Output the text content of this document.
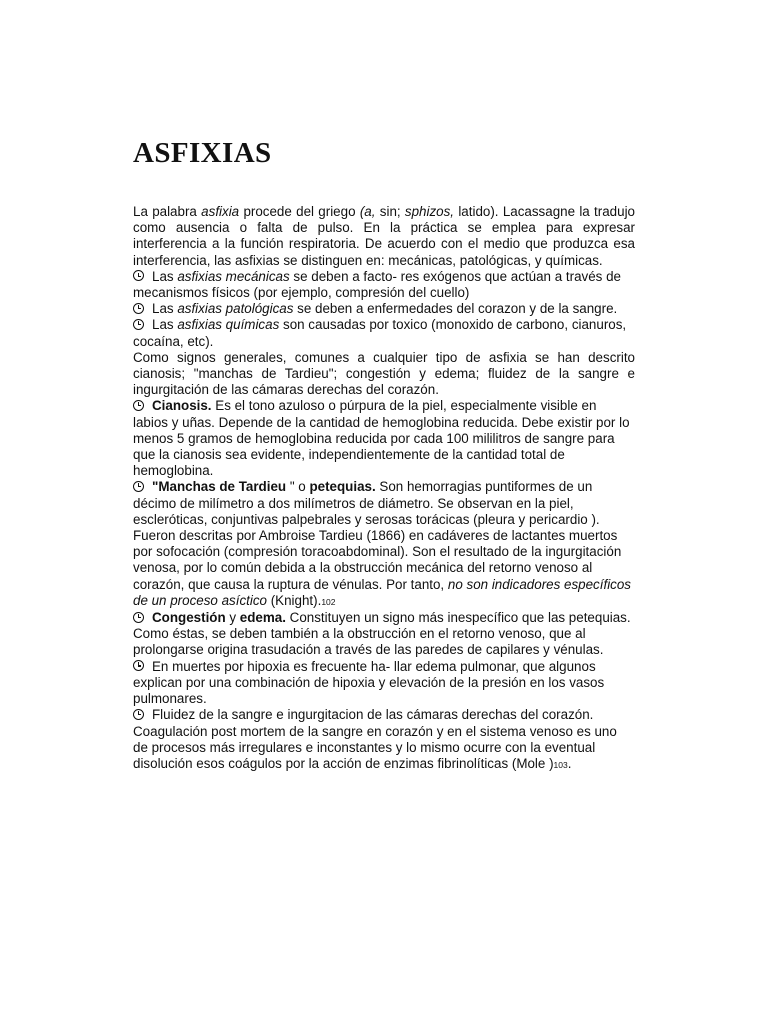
ASFIXIAS

La palabra asfixia procede del griego (a, sin; sphizos, latido). Lacassagne la tradujo como ausencia o falta de pulso. En la práctica se emplea para expresar interferencia a la función respiratoria. De acuerdo con el medio que produzca esa interferencia, las asfixias se distinguen en: mecánicas, patológicas, y químicas.

Las asfixias mecánicas se deben a facto- res exógenos que actúan a través de mecanismos físicos (por ejemplo, compresión del cuello)

Las asfixias patológicas se deben a enfermedades del corazon y de la sangre.

Las asfixias químicas son causadas por toxico (monoxido de carbono, cianuros, cocaína, etc).

Como signos generales, comunes a cualquier tipo de asfixia se han descrito cianosis; "manchas de Tardieu"; congestión y edema; fluidez de la sangre e ingurgitación de las cámaras derechas del corazón.

Cianosis. Es el tono azuloso o púrpura de la piel, especialmente visible en labios y uñas. Depende de la cantidad de hemoglobina reducida. Debe existir por lo menos 5 gramos de hemoglobina reducida por cada 100 mililitros de sangre para que la cianosis sea evidente, independientemente de la cantidad total de hemoglobina.

"Manchas de Tardieu " o petequias. Son hemorragias puntiformes de un décimo de milímetro a dos milímetros de diámetro. Se observan en la piel, escleróticas, conjuntivas palpebrales y serosas torácicas (pleura y pericardio ). Fueron descritas por Ambroise Tardieu (1866) en cadáveres de lactantes muertos por sofocación (compresión toracoabdominal). Son el resultado de la ingurgitación venosa, por lo común debida a la obstrucción mecánica del retorno venoso al corazón, que causa la ruptura de vénulas. Por tanto, no son indicadores específicos de un proceso asíctico (Knight).102

Congestión y edema. Constituyen un signo más inespecífico que las petequias. Como éstas, se deben también a la obstrucción en el retorno venoso, que al prolongarse origina trasudación a través de las paredes de capilares y vénulas.

En muertes por hipoxia es frecuente ha- llar edema pulmonar, que algunos explican por una combinación de hipoxia y elevación de la presión en los vasos pulmonares.

Fluidez de la sangre e ingurgitacion de las cámaras derechas del corazón. Coagulación post mortem de la sangre en corazón y en el sistema venoso es uno de procesos más irregulares e inconstantes y lo mismo ocurre con la eventual disolución esos coágulos por la acción de enzimas fibrinolíticas (Mole )103.
